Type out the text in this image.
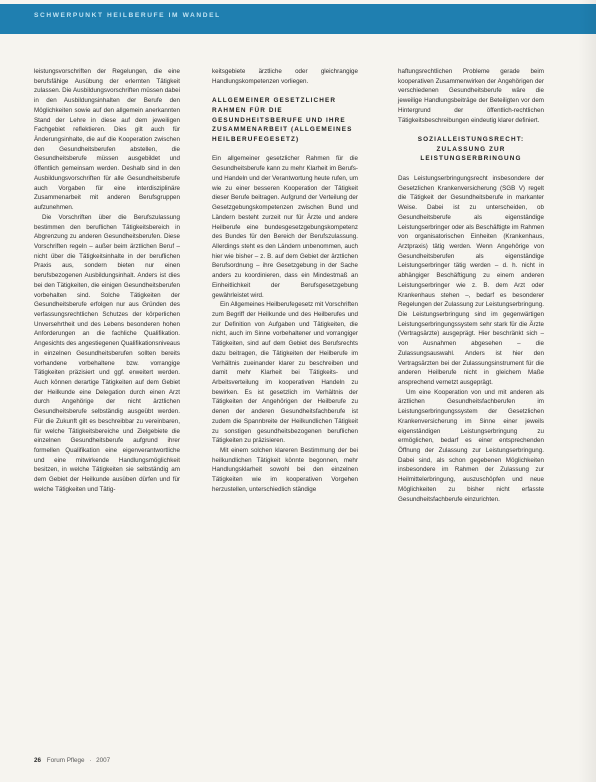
SCHWERPUNKT HEILBERUFE IM WANDEL

leistungsvorschriften der Regelungen, die eine berufsfähige Ausübung der erlernten Tätigkeit zulassen. Die Ausbildungsvorschriften müssen dabei in den Ausbildungsinhalten der Berufe den Möglichkeiten sowie auf den allgemein anerkannten Stand der Lehre in diese auf dem jeweiligen Fachgebiet reflektieren. Dies gilt auch für Änderungsinhalte, die auf die Kooperation zwischen den Gesundheitsberufen abstellen, die Gesundheitsberufe müssen ausgebildet und öffentlich gemeinsam werden. Deshalb sind in den Ausbildungsvorschriften für alle Gesundheitsberufe auch Vorgaben für eine interdisziplinäre Zusammenarbeit mit anderen Berufsgruppen aufzunehmen.

Die Vorschriften über die Berufszulassung bestimmen den beruflichen Tätigkeitsbereich in Abgrenzung zu anderen Gesundheitsberufen. Diese Vorschriften regeln – außer beim ärztlichen Beruf – nicht über die Tätigkeitsinhalte in der beruflichen Praxis aus, sondern bieten nur einen berufsbezogenen Ausbildungsinhalt. Anders ist dies bei den Tätigkeiten, die einigen Gesundheitsberufen vorbehalten sind. Solche Tätigkeiten der Gesundheitsberufe erfolgen nur aus Gründen des verfassungsrechtlichen Schutzes der körperlichen Unversehrtheit und des Lebens besonderen hohen Anforderungen an die fachliche Qualifikation. Angesichts des angestiegenen Qualifikationsniveaus in einzelnen Gesundheitsberufen sollten bereits vorhandene vorbehaltene bzw. vorrangige Tätigkeiten präzisiert und ggf. erweitert werden. Auch können derartige Tätigkeiten auf dem Gebiet der Heilkunde eine Delegation durch einen Arzt durch Angehörige der nicht ärztlichen Gesundheitsberufe selbständig ausgeübt werden. Für die Zukunft gilt es beschreibbar zu vereinbaren, für welche Tätigkeitsbereiche und Zielgebiete die einzelnen Gesundheitsberufe aufgrund ihrer formellen Qualifikation eine eigenverantwortliche und eine mitwirkende Handlungsmöglichkeit besitzen, in welche Tätigkeiten sie selbständig am dem Gebiet der Heilkunde ausüben dürfen und für welche Tätigkeiten und Tätig-

keitsgebiete ärztliche oder gleichrangige Handlungskompetenzen vorliegen.

ALLGEMEINER GESETZLICHER RAHMEN FÜR DIE GESUNDHEITSBERUFE UND IHRE ZUSAMMENARBEIT (ALLGEMEINES HEILBERUFEGESETZ)

Ein allgemeiner gesetzlicher Rahmen für die Gesundheitsberufe kann zu mehr Klarheit im Berufs- und Handeln und der Verantwortung heute rufen, um wie zu einer besseren Kooperation der Tätigkeit dieser Berufe beitragen. Aufgrund der Verteilung der Gesetzgebungskompetenzen zwischen Bund und Ländern besteht zurzeit nur für Ärzte und andere Heilberufe eine bundesgesetzgebungskompetenz des Bundes für den Bereich der Berufszulassung. Allerdings steht es den Ländern unbenommen, auch hier wie bisher – z. B. auf dem Gebiet der ärztlichen Berufsordnung – ihre Gesetzgebung in der Sache anders zu koordinieren, dass ein Mindestmaß an Einheitlichkeit der Berufsgesetzgebung gewährleistet wird.

Ein Allgemeines Heilberufegesetz mit Vorschriften zum Begriff der Heilkunde und des Heilberufes und zur Definition von Aufgaben und Tätigkeiten, die nicht, auch im Sinne vorbehaltener und vorrangiger Tätigkeiten, sind auf dem Gebiet des Berufsrechts dazu beitragen, die Tätigkeiten der Heilberufe im Verhältnis zueinander klarer zu beschreiben und damit mehr Klarheit bei Tätigkeits- und Arbeitsverteilung im kooperativen Handeln zu bewirken. Es ist gesetzlich im Verhältnis der Tätigkeiten der Angehörigen der Heilberufe zu denen der anderen Gesundheitsfachberufe ist zudem die Spannbreite der Heilkundlichen Tätigkeit zu sonstigen gesundheitsbezogenen beruflichen Tätigkeiten zu präzisieren.

Mit einem solchen klareren Bestimmung der bei heilkundlichen Tätigkeit könnte begonnen, mehr Handlungsklarheit sowohl bei den einzelnen Tätigkeiten wie im kooperativen Vorgehen herzustellen, unterschiedlich ständige

haftungsrechtlichen Probleme gerade beim kooperativen Zusammenwirken der Angehörigen der verschiedenen Gesundheitsberufe wäre die jeweilige Handlungsbeiträge der Beteiligten vor dem Hintergrund der öffentlich-rechtlichen Tätigkeitsbeschreibungen eindeutig klarer definiert.

SOZIALLEISTUNGSRECHT: ZULASSUNG ZUR LEISTUNGSERBRINGUNG

Das Leistungserbringungsrecht insbesondere der Gesetzlichen Krankenversicherung (SGB V) regelt die Tätigkeit der Gesundheitsberufe in markanter Weise. Dabei ist zu unterscheiden, ob Gesundheitsberufe als eigenständige Leistungserbringer oder als Beschäftigte im Rahmen von organisatorischen Einheiten (Krankenhaus, Arztpraxis) tätig werden. Wenn Angehörige von Gesundheitsberufen als eigenständige Leistungserbringer tätig werden – d. h. nicht in abhängiger Beschäftigung zu einem anderen Leistungserbringer wie z. B. dem Arzt oder Krankenhaus stehen –, bedarf es besonderer Regelungen der Zulassung zur Leistungserbringung. Die Leistungserbringung sind im gegenwärtigen Leistungserbringungssystem sehr stark für die Ärzte (Vertragsärzte) ausgeprägt. Hier beschränkt sich – von Ausnahmen abgesehen – die Zulassungsauswahl. Anders ist hier den Vertragsärzten bei der Zulassungsinstrument für die anderen Heilberufe nicht in gleichem Maße ansprechend vernetzt ausgeprägt.

Um eine Kooperation von und mit anderen als ärztlichen Gesundheitsfachberufen im Leistungserbringungssystem der Gesetzlichen Krankenversicherung im Sinne einer jeweils eigenständigen Leistungserbringung zu ermöglichen, bedarf es einer entsprechenden Öffnung der Zulassung zur Leistungserbringung. Dabei sind, als schon gegebenen Möglichkeiten insbesondere im Rahmen der Zulassung zur Heilmittelerbringung, auszuschöpfen und neue Möglichkeiten zu bisher nicht erfasste Gesundheitsfachberufe einzurichten.

26 Forum Pflege · 2007
